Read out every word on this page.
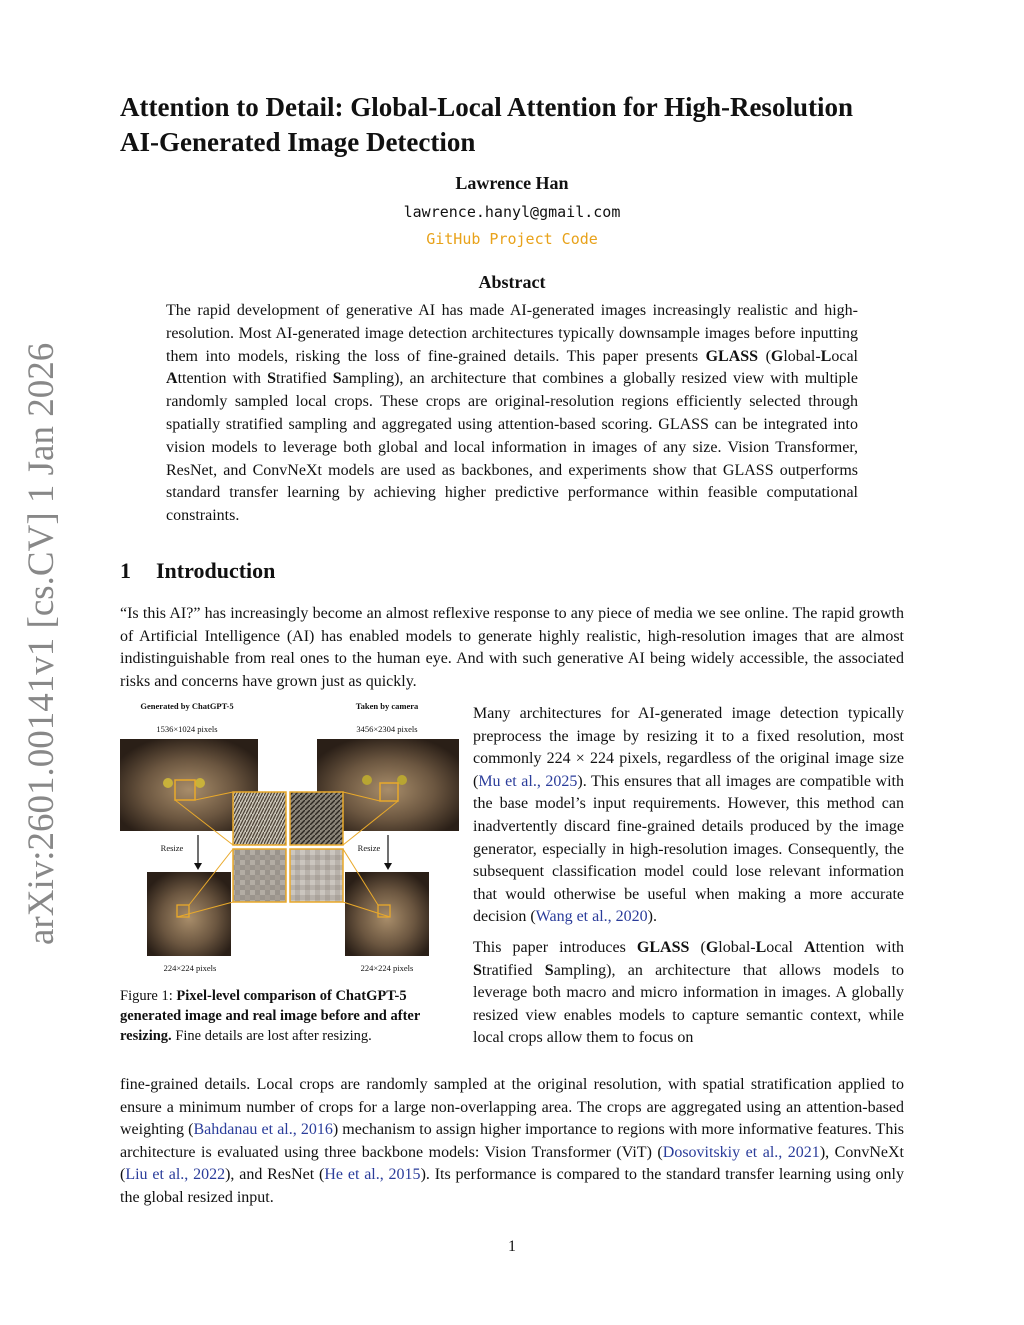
arXiv:2601.00141v1 [cs.CV] 1 Jan 2026
Attention to Detail: Global-Local Attention for High-Resolution
AI-Generated Image Detection
Lawrence Han
lawrence.hanyl@gmail.com
GitHub Project Code
Abstract
The rapid development of generative AI has made AI-generated images increasingly realistic and high-resolution. Most AI-generated image detection architectures typically downsample images before inputting them into models, risking the loss of fine-grained details. This paper presents GLASS (Global-Local Attention with Stratified Sampling), an architecture that combines a globally resized view with multiple randomly sampled local crops. These crops are original-resolution regions efficiently selected through spatially stratified sampling and aggregated using attention-based scoring. GLASS can be integrated into vision models to leverage both global and local information in images of any size. Vision Transformer, ResNet, and ConvNeXt models are used as backbones, and experiments show that GLASS outperforms standard transfer learning by achieving higher predictive performance within feasible computational constraints.
1 Introduction
“Is this AI?” has increasingly become an almost reflexive response to any piece of media we see online. The rapid growth of Artificial Intelligence (AI) has enabled models to generate highly realistic, high-resolution images that are almost indistinguishable from real ones to the human eye. And with such generative AI being widely accessible, the associated risks and concerns have grown just as quickly.
Generated by ChatGPT-5	Taken by camera
1536×1024 pixels	3456×2304 pixels
Resize	Resize
224×224 pixels	224×224 pixels
Figure 1: Pixel-level comparison of ChatGPT-5 generated image and real image before and after resizing. Fine details are lost after resizing.

Many architectures for AI-generated image detection typically preprocess the image by resizing it to a fixed resolution, most commonly 224 × 224 pixels, regardless of the original image size (Mu et al., 2025). This ensures that all images are compatible with the base model’s input requirements. However, this method can inadvertently discard fine-grained details produced by the image generator, especially in high-resolution images. Consequently, the subsequent classification model could lose relevant information that would otherwise be useful when making a more accurate decision (Wang et al., 2020).

This paper introduces GLASS (Global-Local Attention with Stratified Sampling), an architecture that allows models to leverage both macro and micro information in images. A globally resized view enables models to capture semantic context, while local crops allow them to focus on

fine-grained details. Local crops are randomly sampled at the original resolution, with spatial stratification applied to ensure a minimum number of crops for a large non-overlapping area. The crops are aggregated using an attention-based weighting (Bahdanau et al., 2016) mechanism to assign higher importance to regions with more informative features. This architecture is evaluated using three backbone models: Vision Transformer (ViT) (Dosovitskiy et al., 2021), ConvNeXt (Liu et al., 2022), and ResNet (He et al., 2015). Its performance is compared to the standard transfer learning using only the global resized input.
1
